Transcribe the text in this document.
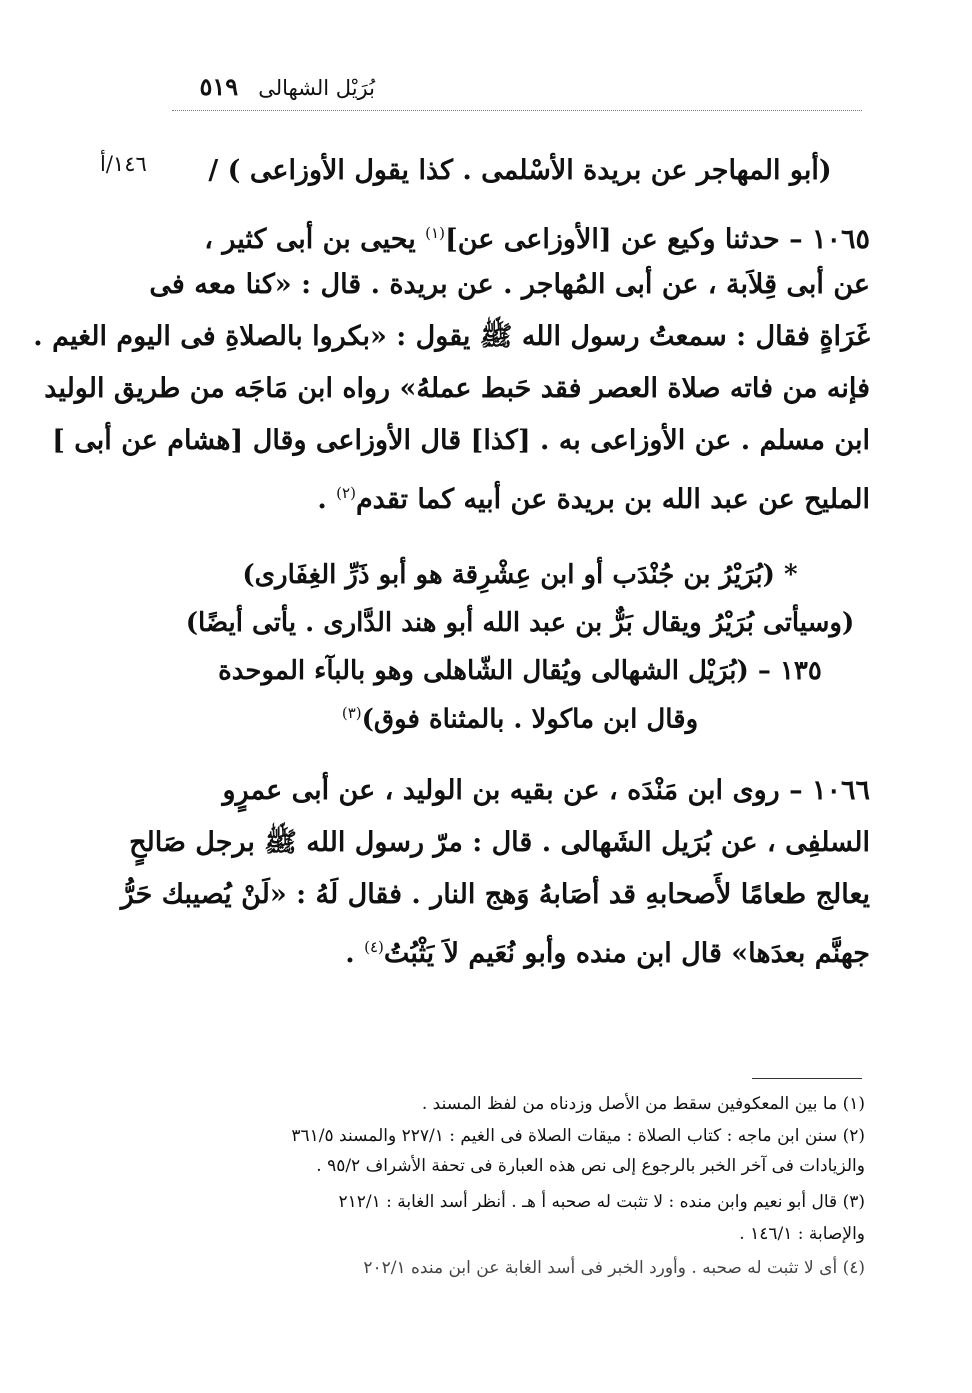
بُرَيْل الشهالى
٥١٩
١٤٦/أ	(أبو المهاجر عن بريدة الأسْلمى . كذا يقول الأوزاعى ) /
١٠٦٥ – حدثنا وكيع عن [الأوزاعى عن]$^{(١)}$ يحيى بن أبى كثير ،
عن أبى قِلاَبة ، عن أبى المُهاجر . عن بريدة . قال : «كنا معه فى
غَرَاةٍ فقال : سمعتُ رسول الله ﷺ يقول : «بكروا بالصلاةِ فى اليوم الغيم .
فإنه من فاته صلاة العصر فقد حَبط عملهُ» رواه ابن مَاجَه من طريق الوليد
ابن مسلم . عن الأوزاعى به . [كذا] قال الأوزاعى وقال [هشام عن أبى ]
المليح عن عبد الله بن بريدة عن أبيه كما تقدم$^{(٢)}$ .
* (بُرَيْرُ بن جُنْدَب أو ابن عِشْرِقة هو أبو ذَرِّ الغِفَارى)
(وسيأتى بُرَيْرُ ويقال بَرٌّ بن عبد الله أبو هند الدَّارى . يأتى أيضًا)
١٣٥ – (بُرَيْل الشهالى ويُقال الشّاهلى وهو بالبآء الموحدة
وقال ابن ماكولا . بالمثناة فوق)$^{(٣)}$
١٠٦٦ – روى ابن مَنْدَه ، عن بقيه بن الوليد ، عن أبى عمرٍو
السلفِى ، عن بُرَيل الشَهالى . قال : مرّ رسول الله ﷺ برجل صَالحٍ
يعالج طعامًا لأَصحابهِ قد أصَابهُ وَهج النار . فقال لَهُ : «لَنْ يُصيبك حَرُّ
جهنَّم بعدَها» قال ابن منده وأبو نُعَيم لاَ يَثْبُتُ$^{(٤)}$ .
(١) ما بين المعكوفين سقط من الأصل وزدناه من لفظ المسند .
(٢) سنن ابن ماجه : كتاب الصلاة : ميقات الصلاة فى الغيم : ٢٢٧/١ والمسند ٣٦١/٥
والزيادات فى آخر الخبر بالرجوع إلى نص هذه العبارة فى تحفة الأشراف ٩٥/٢ .
(٣) قال أبو نعيم وابن منده : لا تثبت له صحبه أ هـ . أنظر أسد الغابة : ٢١٢/١
والإصابة : ١٤٦/١ .
(٤) أى لا تثبت له صحبه . وأورد الخبر فى أسد الغابة عن ابن منده ٢٠٢/١
